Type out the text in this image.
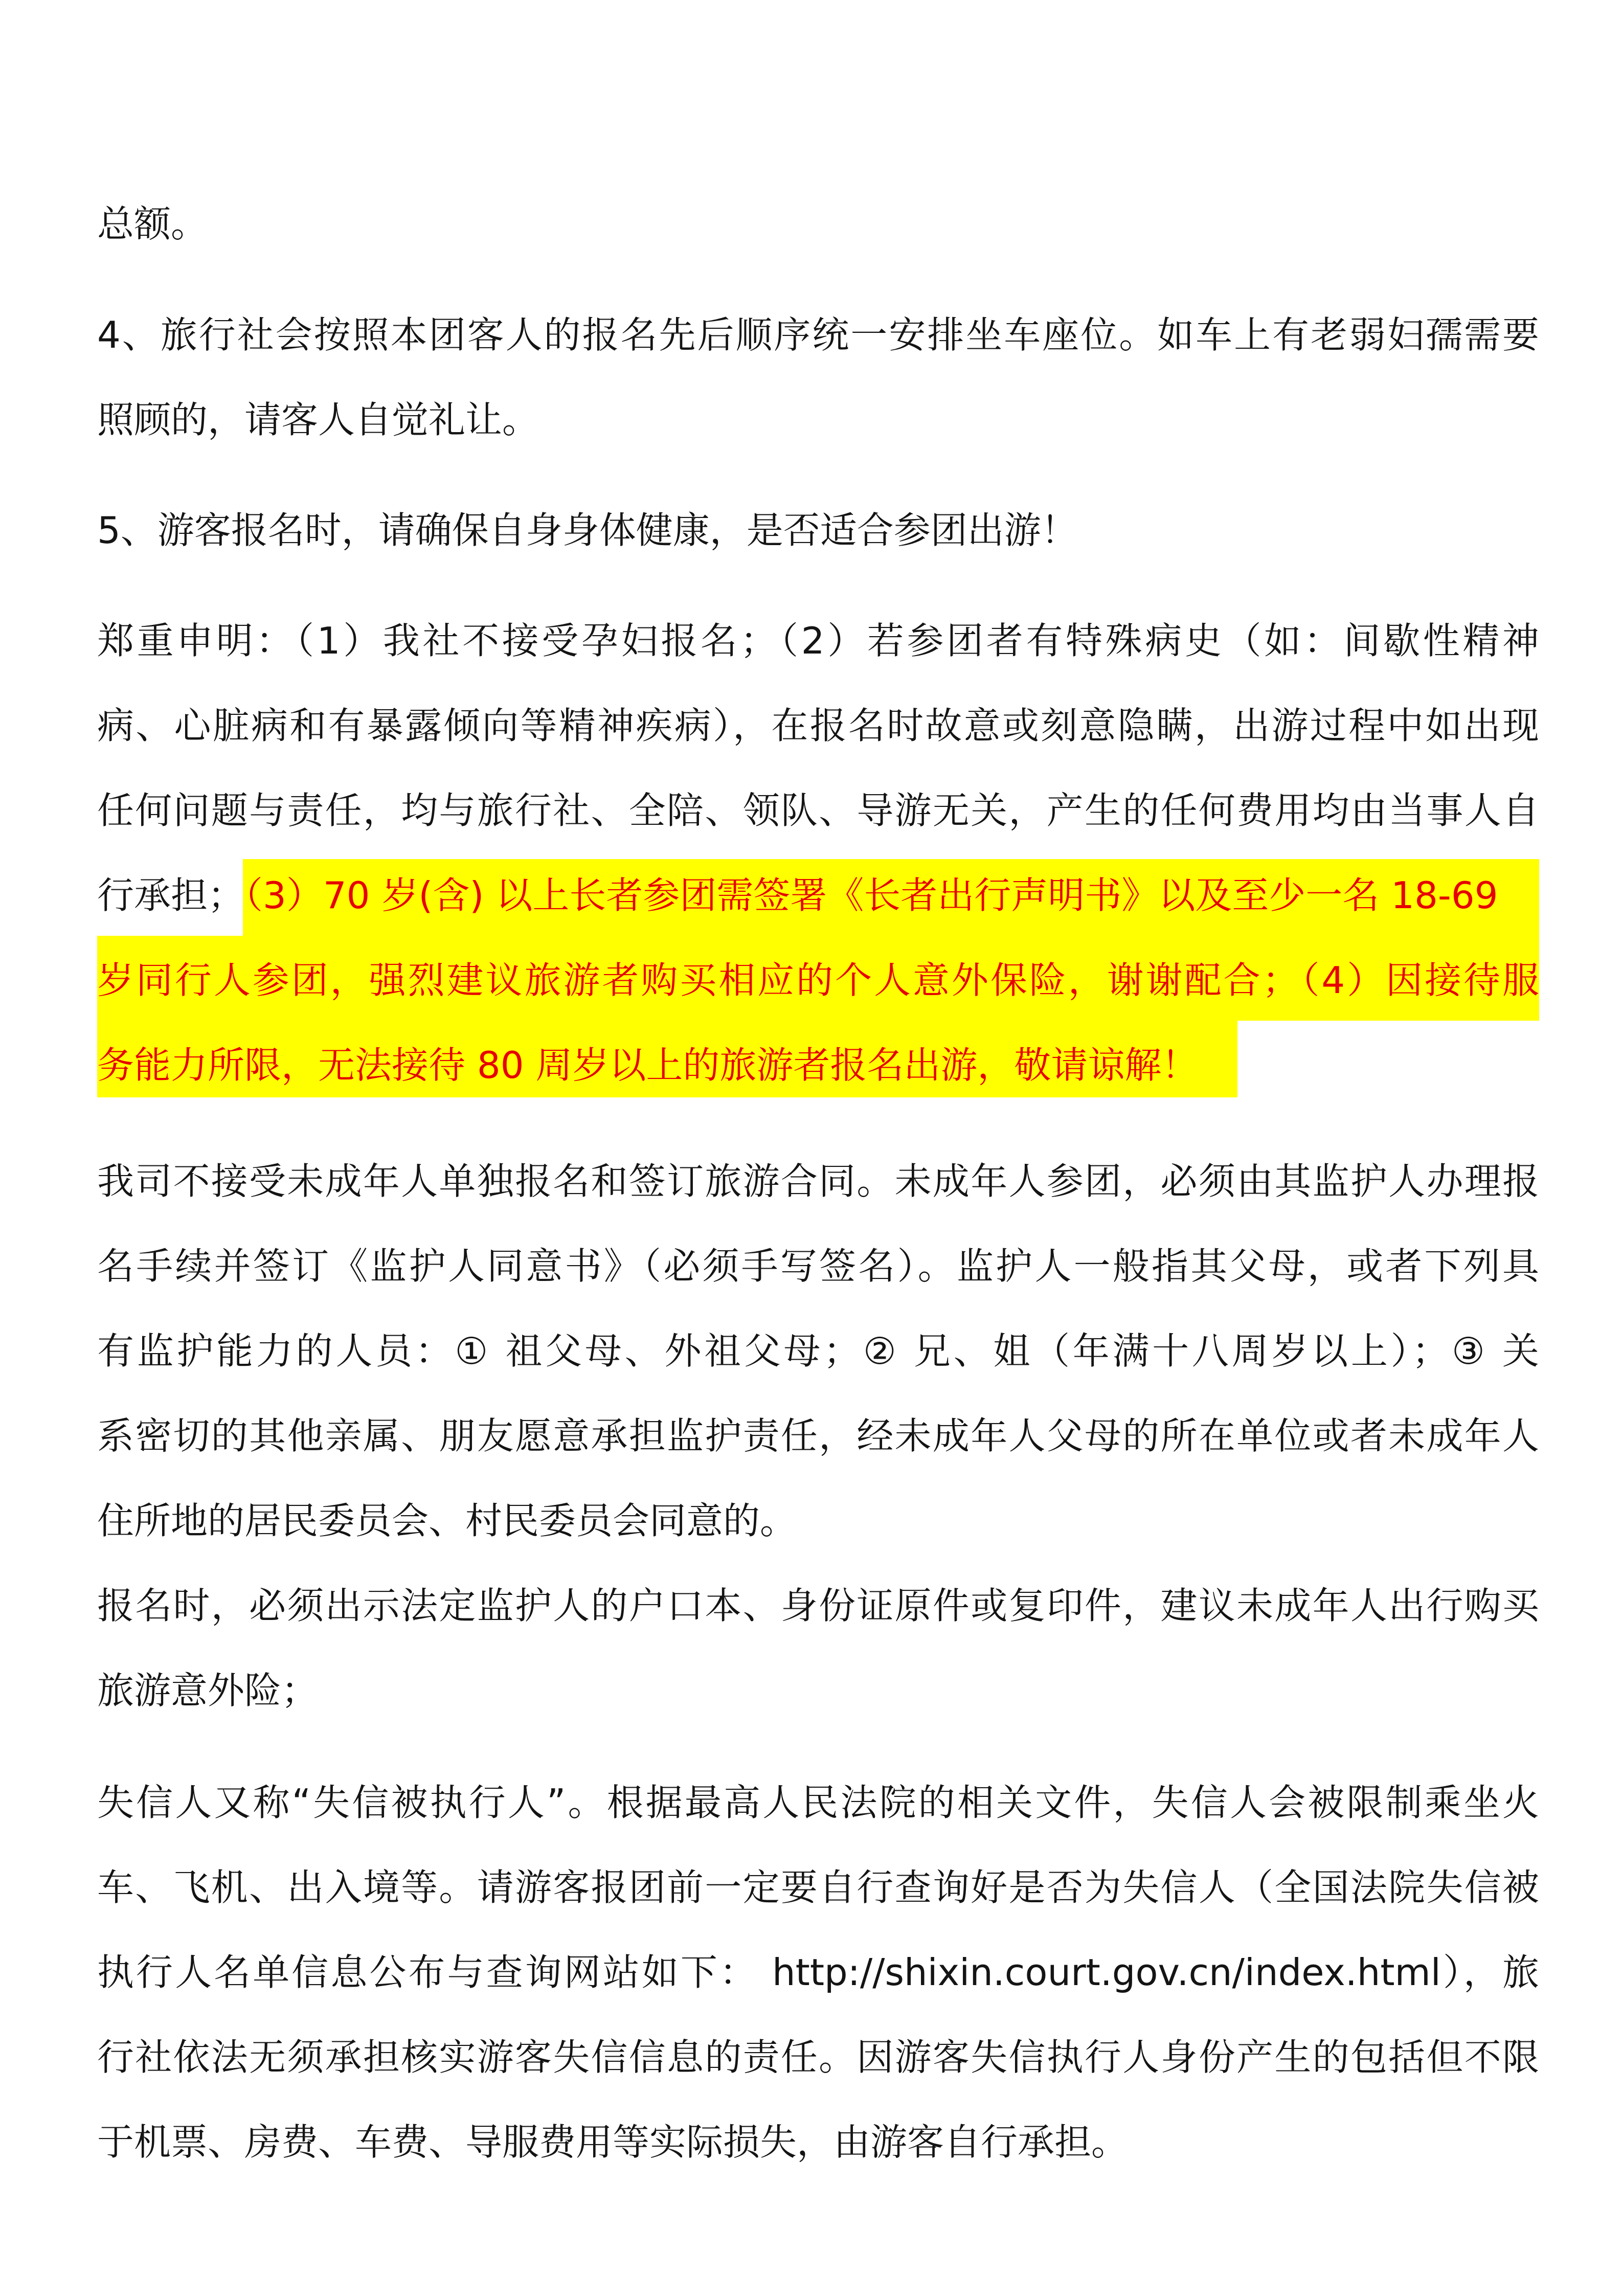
总额。
4、旅行社会按照本团客人的报名先后顺序统一安排坐车座位。如车上有老弱妇孺需要
照顾的，请客人自觉礼让。
5、游客报名时，请确保自身身体健康，是否适合参团出游！
郑重申明：（1）我社不接受孕妇报名；（2）若参团者有特殊病史（如：间歇性精神
病、心脏病和有暴露倾向等精神疾病），在报名时故意或刻意隐瞒，出游过程中如出现
任何问题与责任，均与旅行社、全陪、领队、导游无关，产生的任何费用均由当事人自
行承担；（3）70 岁(含) 以上长者参团需签署《长者出行声明书》以及至少一名 18-69
岁同行人参团，强烈建议旅游者购买相应的个人意外保险，谢谢配合；（4）因接待服
务能力所限，无法接待 80 周岁以上的旅游者报名出游，敬请谅解！
我司不接受未成年人单独报名和签订旅游合同。未成年人参团，必须由其监护人办理报
名手续并签订《监护人同意书》（必须手写签名）。监护人一般指其父母，或者下列具
有监护能力的人员：① 祖父母、外祖父母；② 兄、姐（年满十八周岁以上）；③ 关
系密切的其他亲属、朋友愿意承担监护责任，经未成年人父母的所在单位或者未成年人
住所地的居民委员会、村民委员会同意的。
报名时，必须出示法定监护人的户口本、身份证原件或复印件，建议未成年人出行购买
旅游意外险；
失信人又称“失信被执行人”。根据最高人民法院的相关文件，失信人会被限制乘坐火
车、飞机、出入境等。请游客报团前一定要自行查询好是否为失信人（全国法院失信被
执行人名单信息公布与查询网站如下： http://shixin.court.gov.cn/index.html），旅
行社依法无须承担核实游客失信信息的责任。因游客失信执行人身份产生的包括但不限
于机票、房费、车费、导服费用等实际损失，由游客自行承担。
